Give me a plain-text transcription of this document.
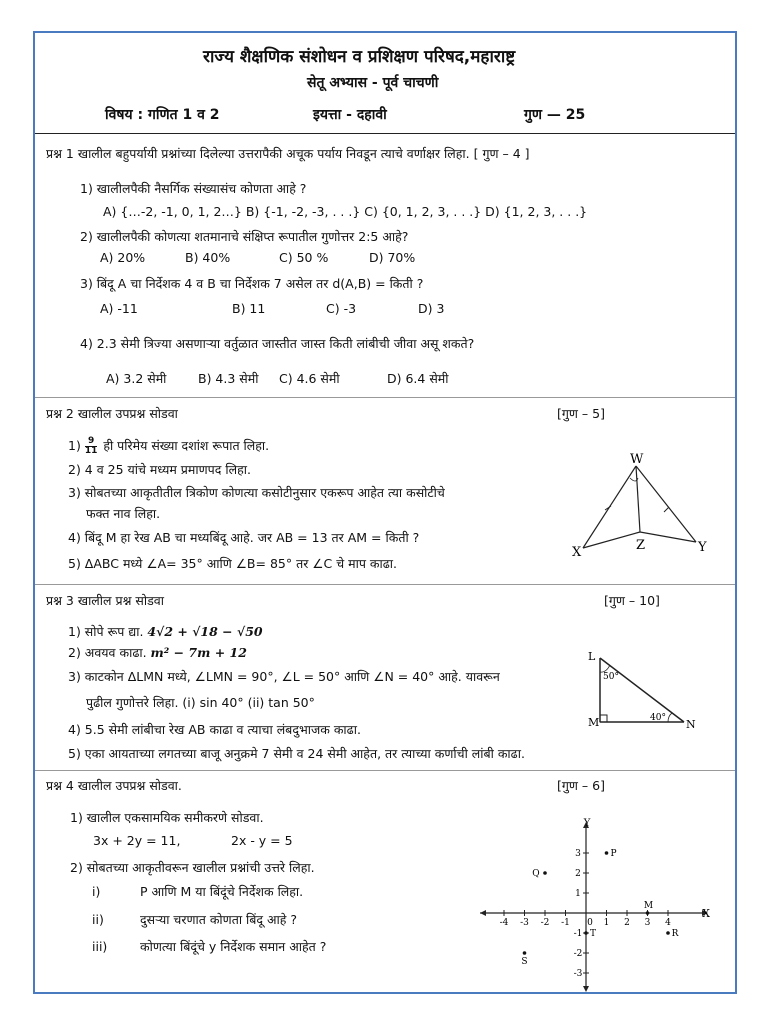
राज्य शैक्षणिक संशोधन व प्रशिक्षण परिषद,महाराष्ट्र
सेतू अभ्यास - पूर्व चाचणी
विषय : गणित 1 व 2	इयत्ता - दहावी	गुण — 25
प्रश्न 1 खालील बहुपर्यायी प्रश्नांच्या दिलेल्या उत्तरापैकी अचूक पर्याय निवडून त्याचे वर्णाक्षर लिहा. [ गुण – 4 ]
1) खालीलपैकी नैसर्गिक संख्यासंच कोणता आहे ?
A) {…-2, -1, 0, 1, 2…} B) {-1, -2, -3, . . .} C) {0, 1, 2, 3, . . .} D) {1, 2, 3, . . .}
2) खालीलपैकी कोणत्या शतमानाचे संक्षिप्त रूपातील गुणोत्तर 2:5 आहे?
A) 20%	B) 40%	C) 50 %	D) 70%
3) बिंदू A चा निर्देशक 4 व B चा निर्देशक 7 असेल तर d(A,B) = किती ?
A) -11	B) 11	C) -3	D) 3
4) 2.3 सेमी त्रिज्या असणाऱ्या वर्तुळात जास्तीत जास्त किती लांबीची जीवा असू शकते?
A) 3.2 सेमी	B) 4.3 सेमी C) 4.6 सेमी	D) 6.4 सेमी
प्रश्न 2 खालील उपप्रश्न सोडवा	[गुण – 5]
$1) \frac{9}{11}$ ही परिमेय संख्या दशांश रूपात लिहा.
2) 4 व 25 यांचे मध्यम प्रमाणपद लिहा.
3) सोबतच्या आकृतीतील त्रिकोण कोणत्या कसोटीनुसार एकरूप आहेत त्या कसोटीचे
फक्त नाव लिहा.
4) बिंदू M हा रेख AB चा मध्यबिंदू आहे. जर AB = 13 तर AM = किती ?
5) ΔABC मध्ये ∠A= 35° आणि ∠B= 85° तर ∠C चे माप काढा.
W
X	Y
Z
प्रश्न 3 खालील प्रश्न सोडवा	[गुण – 10]
1) सोपे रूप द्या. 4√2 + √18 − √50
2) अवयव काढा. m² − 7m + 12
3) काटकोन ΔLMN मध्ये, ∠LMN = 90°, ∠L = 50° आणि ∠N = 40° आहे. यावरून
पुढील गुणोत्तरे लिहा. (i) sin 40° (ii) tan 50°
4) 5.5 सेमी लांबीचा रेख AB काढा व त्याचा लंबदुभाजक काढा.
5) एका आयताच्या लगतच्या बाजू अनुक्रमे 7 सेमी व 24 सेमी आहेत, तर त्याच्या कर्णाची लांबी काढा.
L
M	N
50°
40°
प्रश्न 4 खालील उपप्रश्न सोडवा.	[गुण – 6]
1) खालील एकसामयिक समीकरणे सोडवा.
3x + 2y = 11,	2x - y = 5
2) सोबतच्या आकृतीवरून खालील प्रश्नांची उत्तरे लिहा.
i)	P आणि M या बिंदूंचे निर्देशक लिहा.
ii)	दुसऱ्या चरणात कोणता बिंदू आहे ?
iii)	कोणत्या बिंदूंचे y निर्देशक समान आहेत ?
X
Y
0
-4 -3 -2 -1	1 2 3 4
3
2
1
-1
-2
-3
P
Q
M
T	R
S
